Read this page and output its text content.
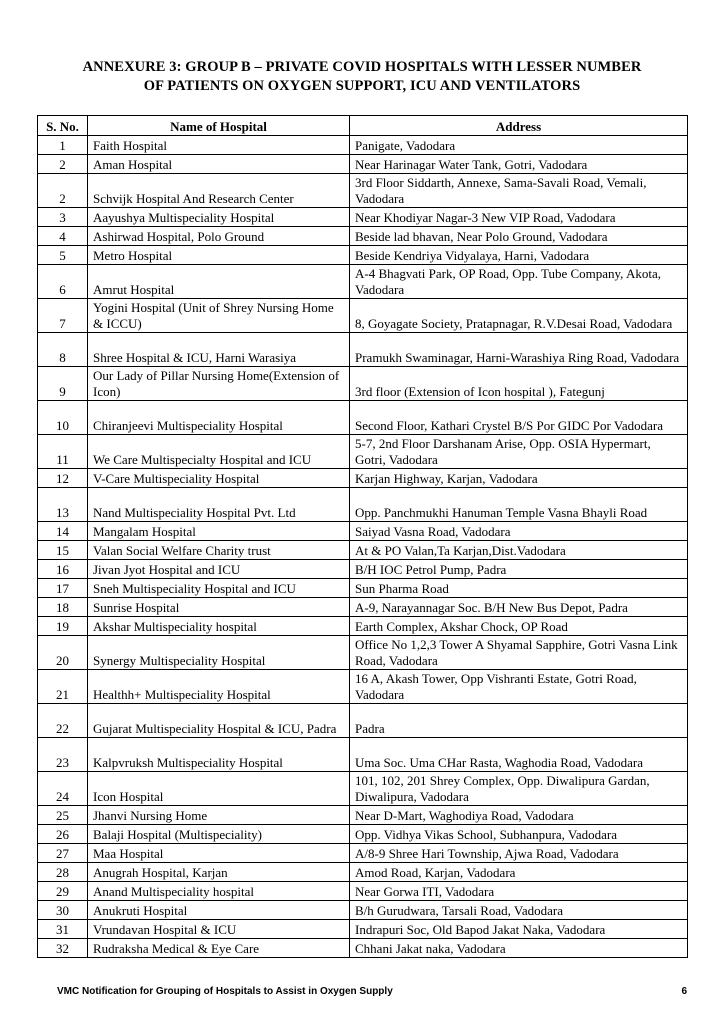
ANNEXURE 3: GROUP B – PRIVATE COVID HOSPITALS WITH LESSER NUMBER
OF PATIENTS ON OXYGEN SUPPORT, ICU AND VENTILATORS
S. No.	Name of Hospital	Address
1	Faith Hospital	Panigate, Vadodara
2	Aman Hospital	Near Harinagar Water Tank, Gotri, Vadodara
2	Schvijk Hospital And Research Center	3rd Floor Siddarth, Annexe, Sama-Savali Road, Vemali, Vadodara
3	Aayushya Multispeciality Hospital	Near Khodiyar Nagar-3 New VIP Road, Vadodara
4	Ashirwad Hospital, Polo Ground	Beside lad bhavan, Near Polo Ground, Vadodara
5	Metro Hospital	Beside Kendriya Vidyalaya, Harni, Vadodara
6	Amrut Hospital	A-4 Bhagvati Park, OP Road, Opp. Tube Company, Akota, Vadodara
7	Yogini Hospital (Unit of Shrey Nursing Home & ICCU)	8, Goyagate Society, Pratapnagar, R.V.Desai Road, Vadodara
8	Shree Hospital & ICU, Harni Warasiya	Pramukh Swaminagar, Harni-Warashiya Ring Road, Vadodara
9	Our Lady of Pillar Nursing Home(Extension of Icon)	3rd floor (Extension of Icon hospital ), Fategunj
10	Chiranjeevi Multispeciality Hospital	Second Floor, Kathari Crystel B/S Por GIDC Por Vadodara
11	We Care Multispecialty Hospital and ICU	5-7, 2nd Floor Darshanam Arise, Opp. OSIA Hypermart, Gotri, Vadodara
12	V-Care Multispeciality Hospital	Karjan Highway, Karjan, Vadodara
13	Nand Multispeciality Hospital Pvt. Ltd	Opp. Panchmukhi Hanuman Temple Vasna Bhayli Road
14	Mangalam Hospital	Saiyad Vasna Road, Vadodara
15	Valan Social Welfare Charity trust	At & PO Valan,Ta Karjan,Dist.Vadodara
16	Jivan Jyot Hospital and ICU	B/H IOC Petrol Pump, Padra
17	Sneh Multispeciality Hospital and ICU	Sun Pharma Road
18	Sunrise Hospital	A-9, Narayannagar Soc. B/H New Bus Depot, Padra
19	Akshar Multispeciality hospital	Earth Complex, Akshar Chock, OP Road
20	Synergy Multispeciality Hospital	Office No 1,2,3 Tower A Shyamal Sapphire, Gotri Vasna Link Road, Vadodara
21	Healthh+ Multispeciality Hospital	16 A, Akash Tower, Opp Vishranti Estate, Gotri Road, Vadodara
22	Gujarat Multispeciality Hospital & ICU, Padra	Padra
23	Kalpvruksh Multispeciality Hospital	Uma Soc. Uma CHar Rasta, Waghodia Road, Vadodara
24	Icon Hospital	101, 102, 201 Shrey Complex, Opp. Diwalipura Gardan, Diwalipura, Vadodara
25	Jhanvi Nursing Home	Near D-Mart, Waghodiya Road, Vadodara
26	Balaji Hospital (Multispeciality)	Opp. Vidhya Vikas School, Subhanpura, Vadodara
27	Maa Hospital	A/8-9 Shree Hari Township, Ajwa Road, Vadodara
28	Anugrah Hospital, Karjan	Amod Road, Karjan, Vadodara
29	Anand Multispeciality hospital	Near Gorwa ITI, Vadodara
30	Anukruti Hospital	B/h Gurudwara, Tarsali Road, Vadodara
31	Vrundavan Hospital & ICU	Indrapuri Soc, Old Bapod Jakat Naka, Vadodara
32	Rudraksha Medical & Eye Care	Chhani Jakat naka, Vadodara
VMC Notification for Grouping of Hospitals to Assist in Oxygen Supply	6
